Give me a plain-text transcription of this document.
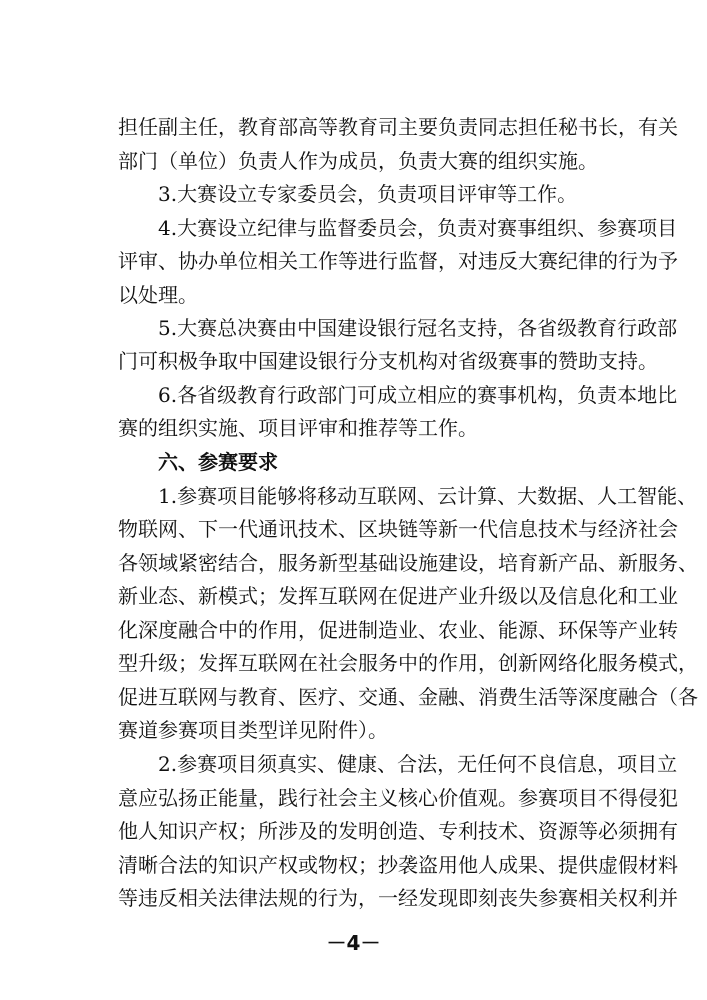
担任副主任，教育部高等教育司主要负责同志担任秘书长，有关
部门（单位）负责人作为成员，负责大赛的组织实施。
3.大赛设立专家委员会，负责项目评审等工作。
4.大赛设立纪律与监督委员会，负责对赛事组织、参赛项目
评审、协办单位相关工作等进行监督，对违反大赛纪律的行为予
以处理。
5.大赛总决赛由中国建设银行冠名支持，各省级教育行政部
门可积极争取中国建设银行分支机构对省级赛事的赞助支持。
6.各省级教育行政部门可成立相应的赛事机构，负责本地比
赛的组织实施、项目评审和推荐等工作。
六、参赛要求
1.参赛项目能够将移动互联网、云计算、大数据、人工智能、
物联网、下一代通讯技术、区块链等新一代信息技术与经济社会
各领域紧密结合，服务新型基础设施建设，培育新产品、新服务、
新业态、新模式；发挥互联网在促进产业升级以及信息化和工业
化深度融合中的作用，促进制造业、农业、能源、环保等产业转
型升级；发挥互联网在社会服务中的作用，创新网络化服务模式，
促进互联网与教育、医疗、交通、金融、消费生活等深度融合（各
赛道参赛项目类型详见附件）。
2.参赛项目须真实、健康、合法，无任何不良信息，项目立
意应弘扬正能量，践行社会主义核心价值观。参赛项目不得侵犯
他人知识产权；所涉及的发明创造、专利技术、资源等必须拥有
清晰合法的知识产权或物权；抄袭盗用他人成果、提供虚假材料
等违反相关法律法规的行为，一经发现即刻丧失参赛相关权利并
－4－
